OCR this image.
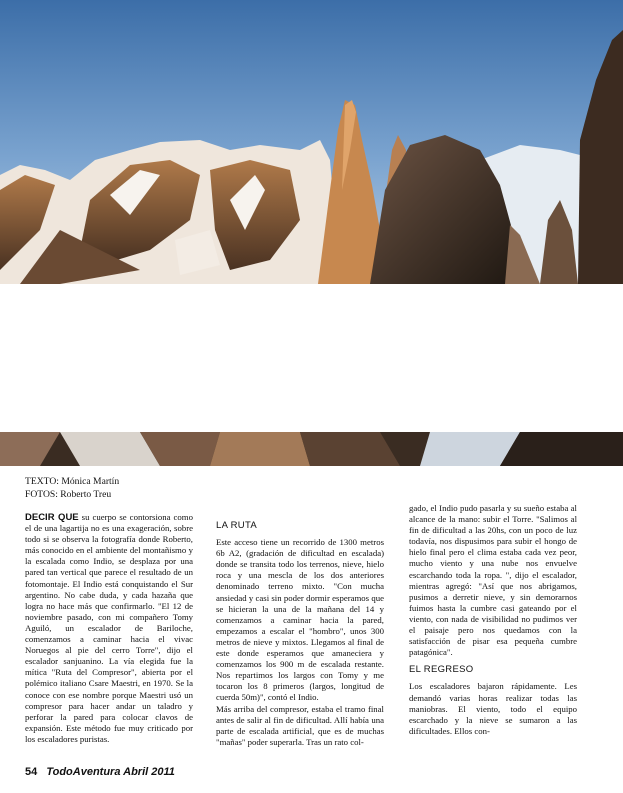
TEXTO: Mónica Martín
FOTOS: Roberto Treu

DECIR QUE su cuerpo se contorsiona como el de una lagartija no es una exageración, sobre todo si se observa la fotografía donde Roberto, más conocido en el ambiente del montañismo y la escalada como Indio, se desplaza por una pared tan vertical que parece el resultado de un fotomontaje. El Indio está conquistando el Sur argentino. No cabe duda, y cada hazaña que logra no hace más que confirmarlo. "El 12 de noviembre pasado, con mi compañero Tomy Aguiló, un escalador de Bariloche, comenzamos a caminar hacia el vivac Noruegos al pie del cerro Torre", dijo el escalador sanjuanino. La vía elegida fue la mítica "Ruta del Compresor", abierta por el polémico italiano Csare Maestri, en 1970. Se la conoce con ese nombre porque Maestri usó un compresor para hacer andar un taladro y perforar la pared para colocar clavos de expansión. Este método fue muy criticado por los escaladores puristas.

LA RUTA

Este acceso tiene un recorrido de 1300 metros 6b A2, (gradación de dificultad en escalada) donde se transita todo los terrenos, nieve, hielo roca y una mescla de los dos anteriores denominado terreno mixto. "Con mucha ansiedad y casi sin poder dormir esperamos que se hicieran la una de la mañana del 14 y comenzamos a caminar hacia la pared, empezamos a escalar el "hombro", unos 300 metros de nieve y mixtos. Llegamos al final de este donde esperamos que amaneciera y comenzamos los 900 m de escalada restante. Nos repartimos los largos con Tomy y me tocaron los 8 primeros (largos, longitud de cuerda 50m)", contó el Indio.

Más arriba del compresor, estaba el tramo final antes de salir al fin de dificultad. Allí había una parte de escalada artificial, que es de muchas "mañas" poder superarla. Tras un rato col-

gado, el Indio pudo pasarla y su sueño estaba al alcance de la mano: subir el Torre. "Salimos al fin de dificultad a las 20hs, con un poco de luz todavía, nos dispusimos para subir el hongo de hielo final pero el clima estaba cada vez peor, mucho viento y una nube nos envuelve escarchando toda la ropa. ", dijo el escalador, mientras agregó: "Así que nos abrigamos, pusimos a derretir nieve, y sin demorarnos fuimos hasta la cumbre casi gateando por el viento, con nada de visibilidad no pudimos ver el paisaje pero nos quedamos con la satisfacción de pisar esa pequeña cumbre patagónica".

EL REGRESO

Los escaladores bajaron rápidamente. Les demandó varias horas realizar todas las maniobras. El viento, todo el equipo escarchado y la nieve se sumaron a las dificultades. Ellos con-

54 TodoAventura Abril 2011
